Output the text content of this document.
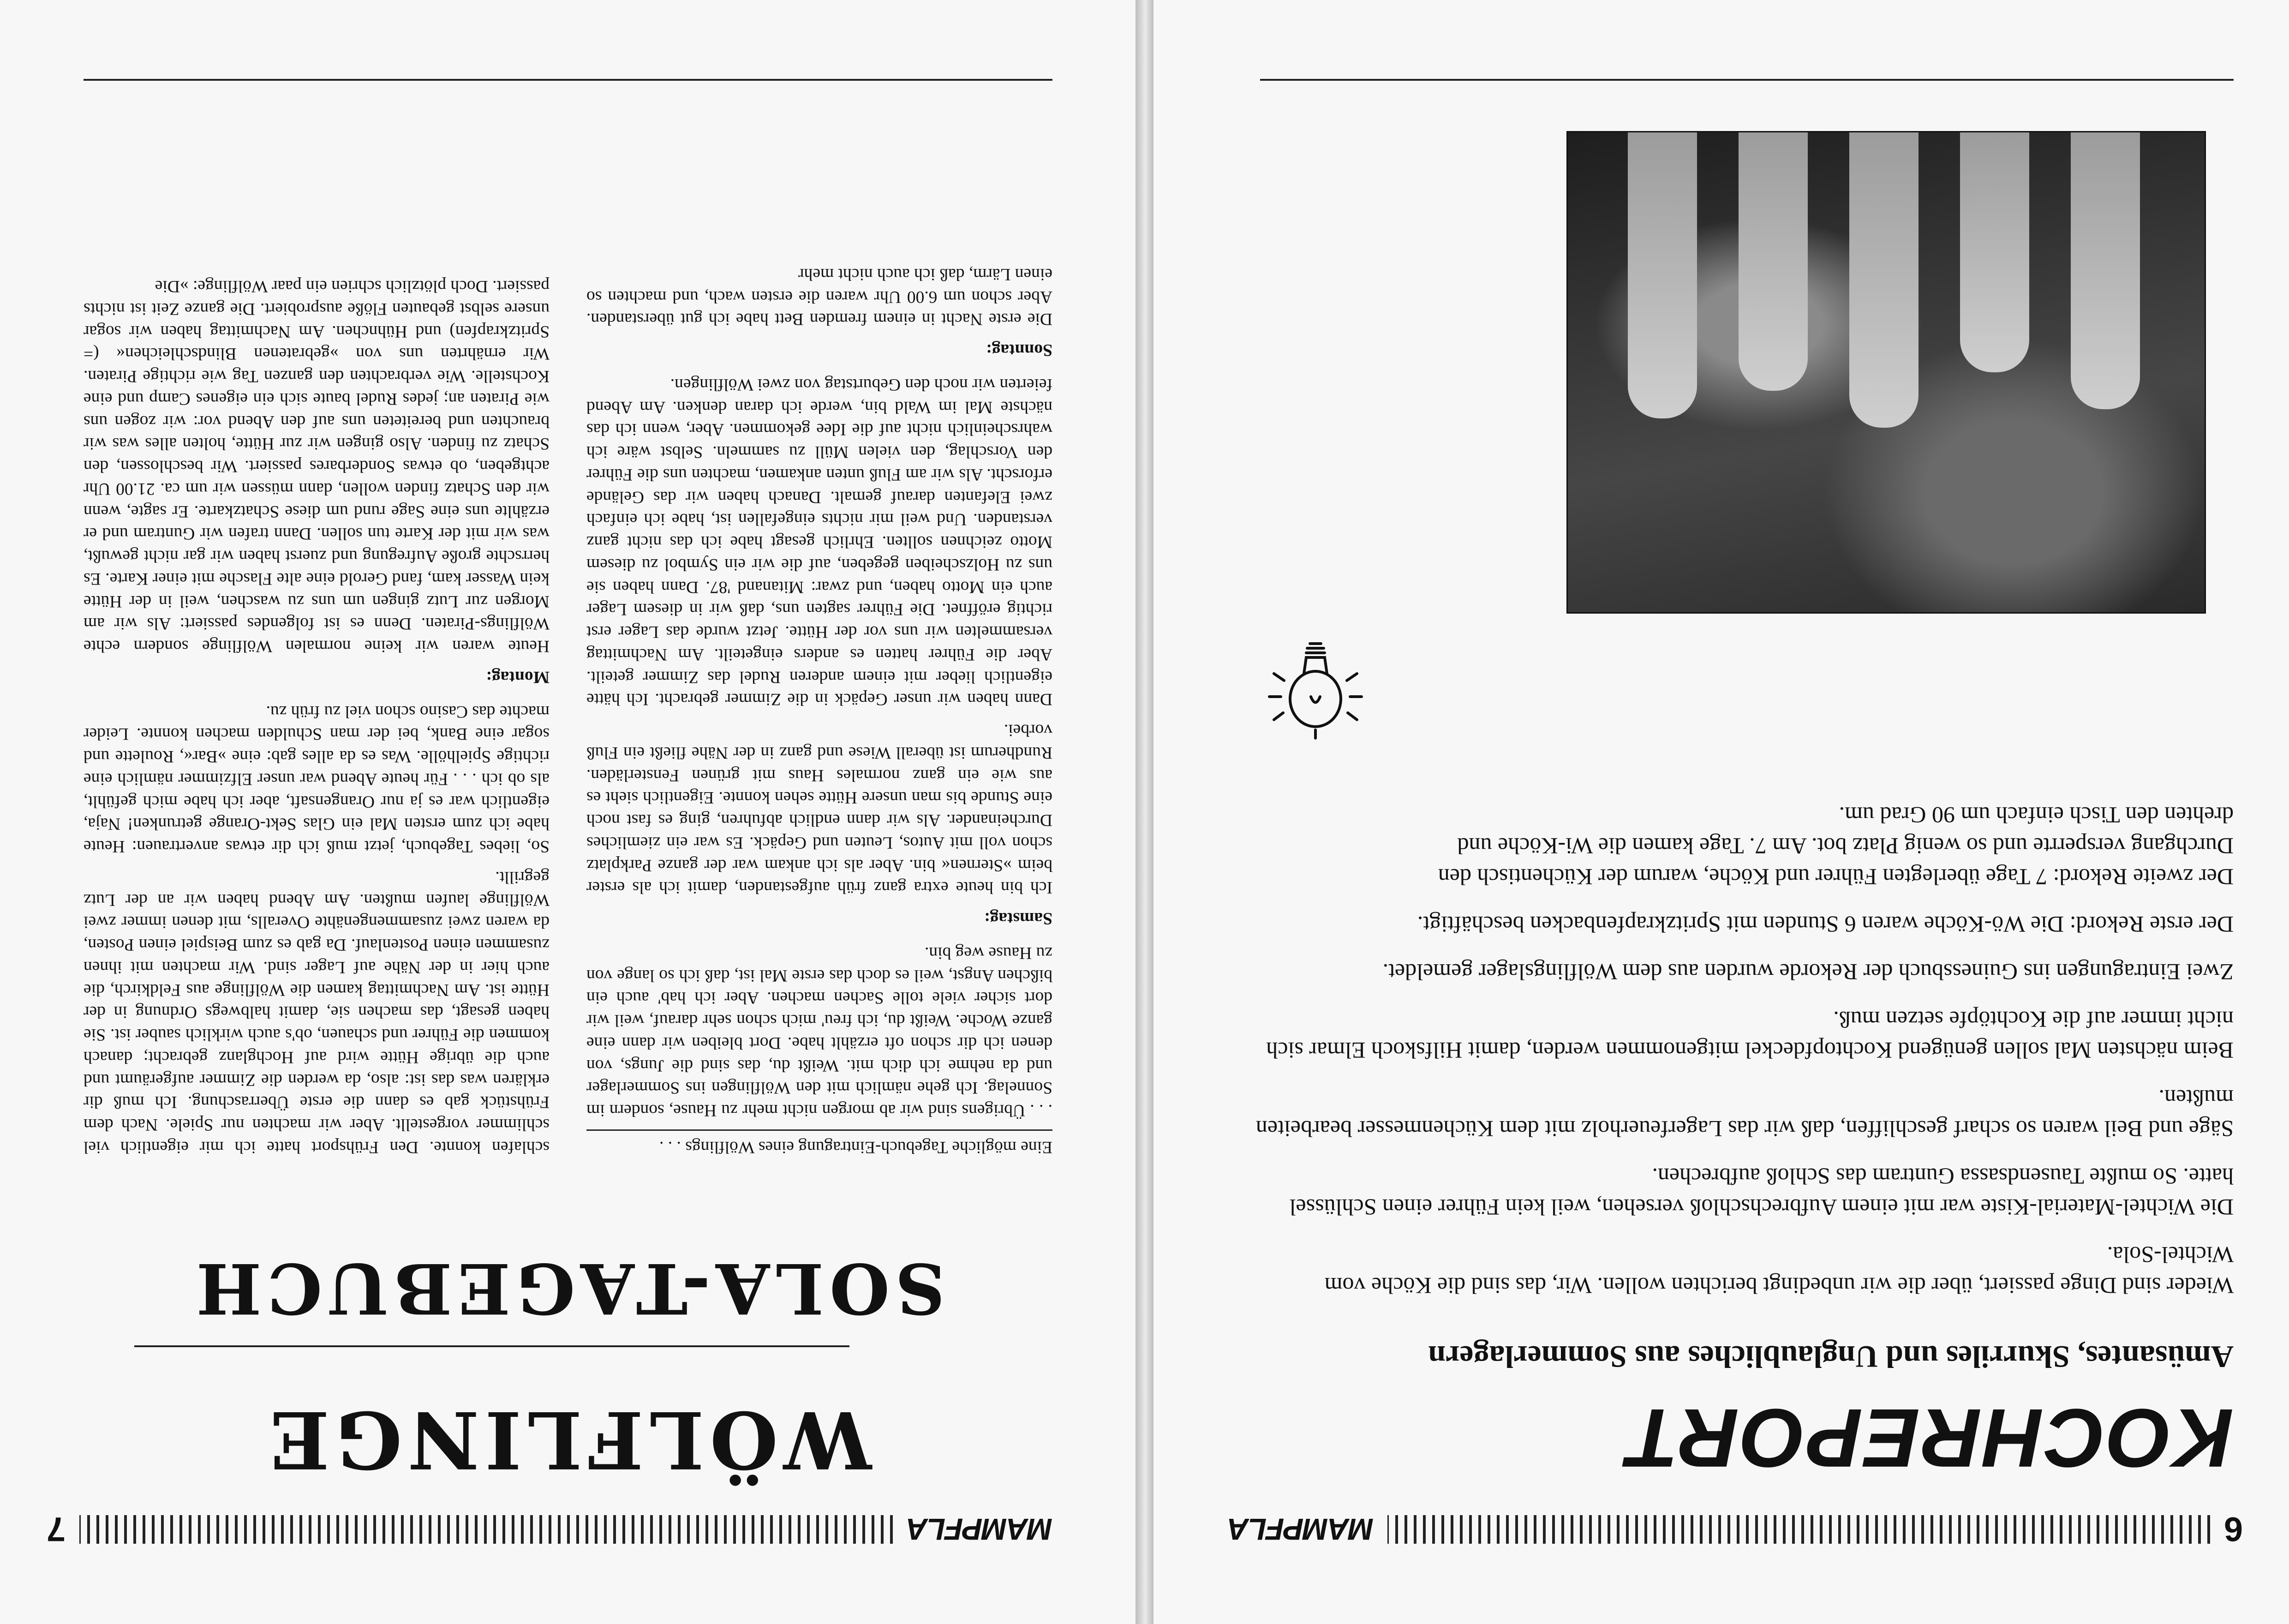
6
MAMPFLA
KOCHREPORT
Amüsantes, Skurriles und Unglaubliches aus Sommerlagern

Wieder sind Dinge passiert, über die wir unbedingt berichten wollen. Wir, das sind die Köche vom Wichtel-Sola.

Die Wichtel-Material-Kiste war mit einem Aufbrechschloß versehen, weil kein Führer einen Schlüssel hatte. So mußte Tausendsassa Guntram das Schloß aufbrechen.

Säge und Beil waren so scharf geschliffen, daß wir das Lagerfeuerholz mit dem Küchenmesser bearbeiten mußten.

Beim nächsten Mal sollen genügend Kochtopfdeckel mitgenommen werden, damit Hilfskoch Elmar sich nicht immer auf die Kochtöpfe setzen muß.

Zwei Eintragungen ins Guinessbuch der Rekorde wurden aus dem Wölflingslager gemeldet.

Der erste Rekord: Die Wö-Köche waren 6 Stunden mit Spritzkrapfenbacken beschäftigt.

Der zweite Rekord: 7 Tage überlegten Führer und Köche, warum der Küchentisch den Durchgang versperrte und so wenig Platz bot. Am 7. Tage kamen die Wi-Köche und drehten den Tisch einfach um 90 Grad um.

MAMPFLA
7
WÖLFLINGE
SOLA-TAGEBUCH

Eine mögliche Tagebuch-Eintragung eines Wölflings . . .

. . . Übrigens sind wir ab morgen nicht mehr zu Hause, sondern im Sonnelag. Ich gehe nämlich mit den Wölflingen ins Sommerlager und da nehme ich dich mit. Weißt du, das sind die Jungs, von denen ich dir schon oft erzählt habe. Dort bleiben wir dann eine ganze Woche. Weißt du, ich freu' mich schon sehr darauf, weil wir dort sicher viele tolle Sachen machen. Aber ich hab' auch ein bißchen Angst, weil es doch das erste Mal ist, daß ich so lange von zu Hause weg bin.

Samstag:

Ich bin heute extra ganz früh aufgestanden, damit ich als erster beim »Sternen« bin. Aber als ich ankam war der ganze Parkplatz schon voll mit Autos, Leuten und Gepäck. Es war ein ziemliches Durcheinander. Als wir dann endlich abfuhren, ging es fast noch eine Stunde bis man unsere Hütte sehen konnte. Eigentlich sieht es aus wie ein ganz normales Haus mit grünen Fensterläden. Rundherum ist überall Wiese und ganz in der Nähe fließt ein Fluß vorbei.

Dann haben wir unser Gepäck in die Zimmer gebracht. Ich hätte eigentlich lieber mit einem anderen Rudel das Zimmer geteilt. Aber die Führer hatten es anders eingeteilt. Am Nachmittag versammelten wir uns vor der Hütte. Jetzt wurde das Lager erst richtig eröffnet. Die Führer sagten uns, daß wir in diesem Lager auch ein Motto haben, und zwar: Mitanand '87. Dann haben sie uns zu Holzscheiben gegeben, auf die wir ein Symbol zu diesem Motto zeichnen sollten. Ehrlich gesagt habe ich das nicht ganz verstanden. Und weil mir nichts eingefallen ist, habe ich einfach zwei Elefanten darauf gemalt. Danach haben wir das Gelände erforscht. Als wir am Fluß unten ankamen, machten uns die Führer den Vorschlag, den vielen Müll zu sammeln. Selbst wäre ich wahrscheinlich nicht auf die Idee gekommen. Aber, wenn ich das nächste Mal im Wald bin, werde ich daran denken. Am Abend feierten wir noch den Geburtstag von zwei Wölflingen.

Sonntag:

Die erste Nacht in einem fremden Bett habe ich gut überstanden. Aber schon um 6.00 Uhr waren die ersten wach, und machten so einen Lärm, daß ich auch nicht mehr

schlafen konnte. Den Frühsport hatte ich mir eigentlich viel schlimmer vorgestellt. Aber wir machten nur Spiele. Nach dem Frühstück gab es dann die erste Überraschung. Ich muß dir erklären was das ist: also, da werden die Zimmer aufgeräumt und auch die übrige Hütte wird auf Hochglanz gebracht; danach kommen die Führer und schauen, ob's auch wirklich sauber ist. Sie haben gesagt, das machen sie, damit halbwegs Ordnung in der Hütte ist. Am Nachmittag kamen die Wölflinge aus Feldkirch, die auch hier in der Nähe auf Lager sind. Wir machten mit ihnen zusammen einen Postenlauf. Da gab es zum Beispiel einen Posten, da waren zwei zusammengenähte Overalls, mit denen immer zwei Wölflinge laufen mußten. Am Abend haben wir an der Lutz gegrillt.

So, liebes Tagebuch, jetzt muß ich dir etwas anvertrauen: Heute habe ich zum ersten Mal ein Glas Sekt-Orange getrunken! Naja, eigentlich war es ja nur Orangensaft, aber ich habe mich gefühlt, als ob ich . . . Für heute Abend war unser Elfzimmer nämlich eine richtige Spielhölle. Was es da alles gab: eine »Bar«, Roulette und sogar eine Bank, bei der man Schulden machen konnte. Leider machte das Casino schon viel zu früh zu.

Montag:

Heute waren wir keine normalen Wölflinge sondern echte Wölflings-Piraten. Denn es ist folgendes passiert: Als wir am Morgen zur Lutz gingen um uns zu waschen, weil in der Hütte kein Wasser kam, fand Gerold eine alte Flasche mit einer Karte. Es herrschte große Aufregung und zuerst haben wir gar nicht gewußt, was wir mit der Karte tun sollen. Dann trafen wir Guntram und er erzählte uns eine Sage rund um diese Schatzkarte. Er sagte, wenn wir den Schatz finden wollen, dann müssen wir um ca. 21.00 Uhr achtgeben, ob etwas Sonderbares passiert. Wir beschlossen, den Schatz zu finden. Also gingen wir zur Hütte, holten alles was wir brauchten und bereiteten uns auf den Abend vor: wir zogen uns wie Piraten an; jedes Rudel baute sich ein eigenes Camp und eine Kochstelle. Wie verbrachten den ganzen Tag wie richtige Piraten. Wir ernährten uns von »gebratenen Blindschleichen« (= Spritzkrapfen) und Hühnchen. Am Nachmittag haben wir sogar unsere selbst gebauten Flöße ausprobiert. Die ganze Zeit ist nichts passiert. Doch plötzlich schrien ein paar Wölflinge: »Die
